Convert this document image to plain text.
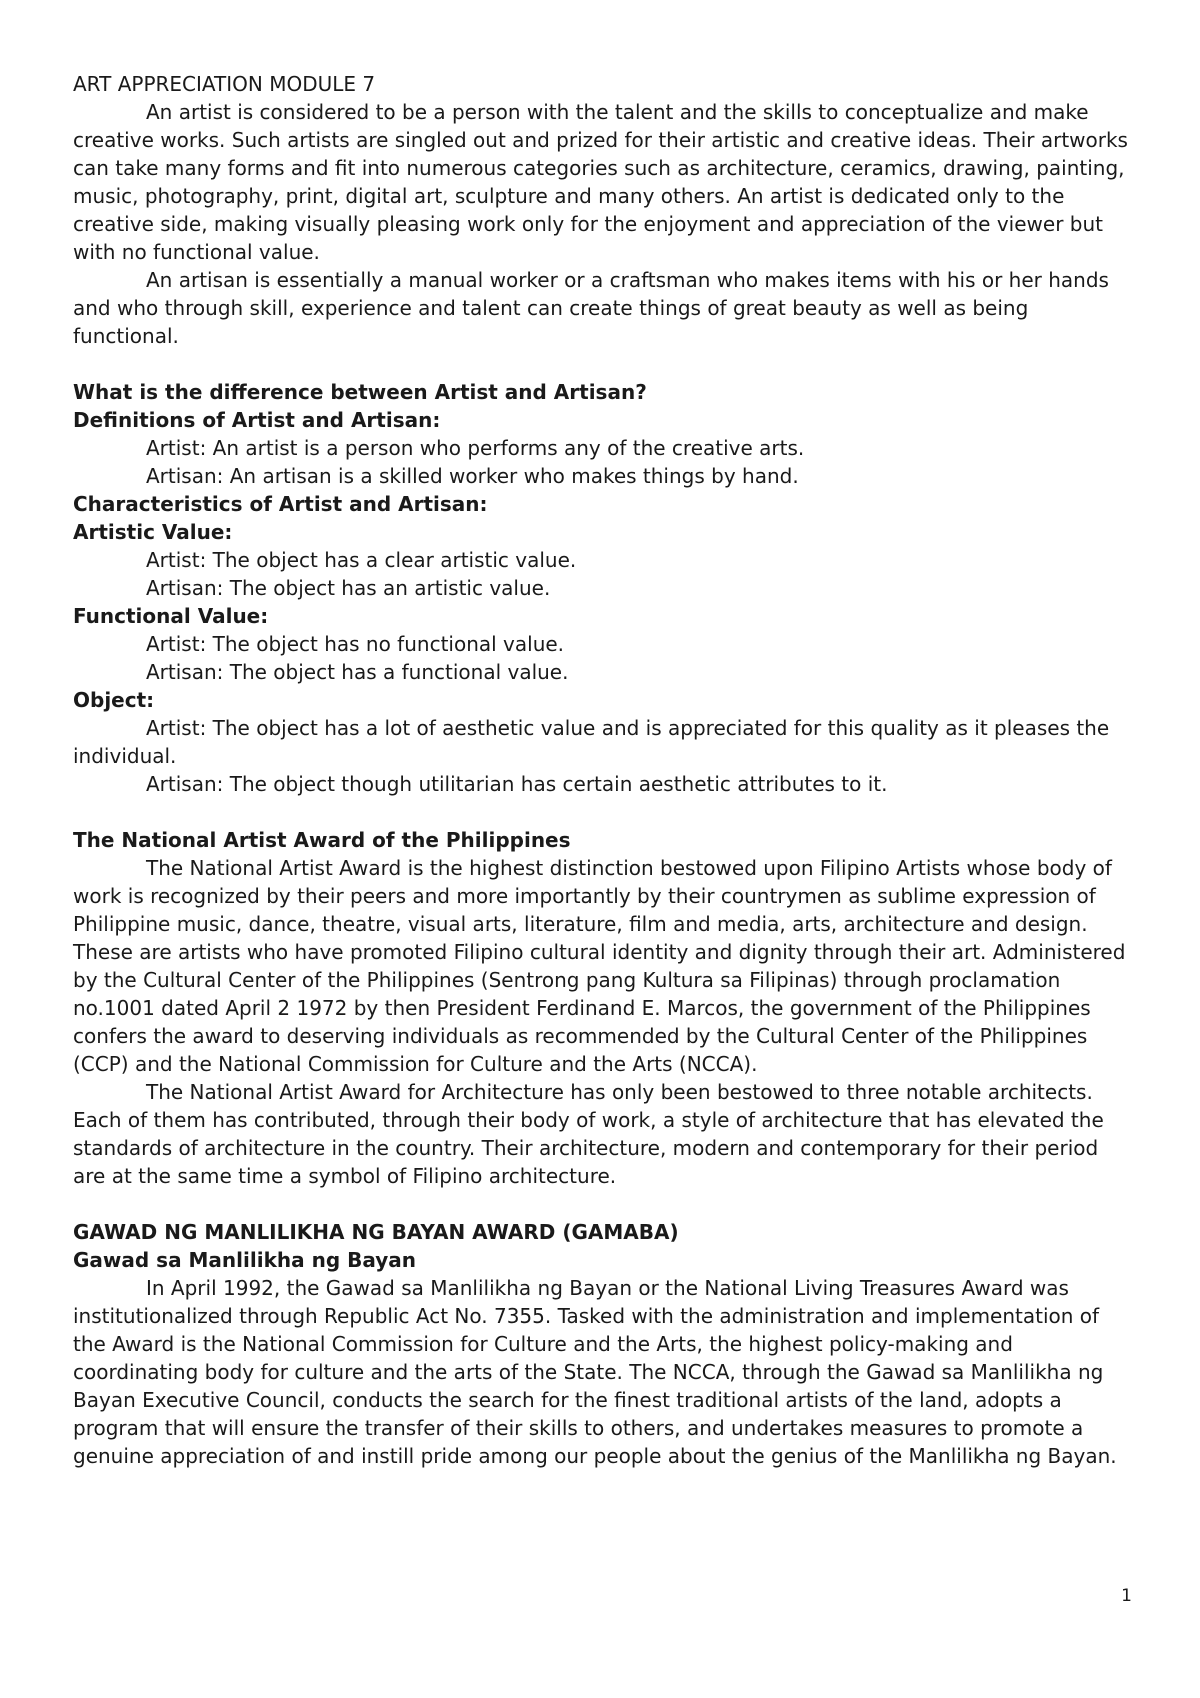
ART APPRECIATION MODULE 7

An artist is considered to be a person with the talent and the skills to conceptualize and make creative works. Such artists are singled out and prized for their artistic and creative ideas. Their artworks can take many forms and fit into numerous categories such as architecture, ceramics, drawing, painting, music, photography, print, digital art, sculpture and many others. An artist is dedicated only to the creative side, making visually pleasing work only for the enjoyment and appreciation of the viewer but with no functional value.

An artisan is essentially a manual worker or a craftsman who makes items with his or her hands and who through skill, experience and talent can create things of great beauty as well as being functional.

What is the difference between Artist and Artisan?

Definitions of Artist and Artisan:

Artist: An artist is a person who performs any of the creative arts.

Artisan: An artisan is a skilled worker who makes things by hand.

Characteristics of Artist and Artisan:

Artistic Value:

Artist: The object has a clear artistic value.

Artisan: The object has an artistic value.

Functional Value:

Artist: The object has no functional value.

Artisan: The object has a functional value.

Object:

Artist: The object has a lot of aesthetic value and is appreciated for this quality as it pleases the individual.

Artisan: The object though utilitarian has certain aesthetic attributes to it.

The National Artist Award of the Philippines

The National Artist Award is the highest distinction bestowed upon Filipino Artists whose body of work is recognized by their peers and more importantly by their countrymen as sublime expression of Philippine music, dance, theatre, visual arts, literature, film and media, arts, architecture and design. These are artists who have promoted Filipino cultural identity and dignity through their art. Administered by the Cultural Center of the Philippines (Sentrong pang Kultura sa Filipinas) through proclamation no.1001 dated April 2 1972 by then President Ferdinand E. Marcos, the government of the Philippines confers the award to deserving individuals as recommended by the Cultural Center of the Philippines (CCP) and the National Commission for Culture and the Arts (NCCA).

The National Artist Award for Architecture has only been bestowed to three notable architects. Each of them has contributed, through their body of work, a style of architecture that has elevated the standards of architecture in the country. Their architecture, modern and contemporary for their period are at the same time a symbol of Filipino architecture.

GAWAD NG MANLILIKHA NG BAYAN AWARD (GAMABA)

Gawad sa Manlilikha ng Bayan

In April 1992, the Gawad sa Manlilikha ng Bayan or the National Living Treasures Award was institutionalized through Republic Act No. 7355. Tasked with the administration and implementation of the Award is the National Commission for Culture and the Arts, the highest policy-making and coordinating body for culture and the arts of the State. The NCCA, through the Gawad sa Manlilikha ng Bayan Executive Council, conducts the search for the finest traditional artists of the land, adopts a program that will ensure the transfer of their skills to others, and undertakes measures to promote a genuine appreciation of and instill pride among our people about the genius of the Manlilikha ng Bayan.

1
